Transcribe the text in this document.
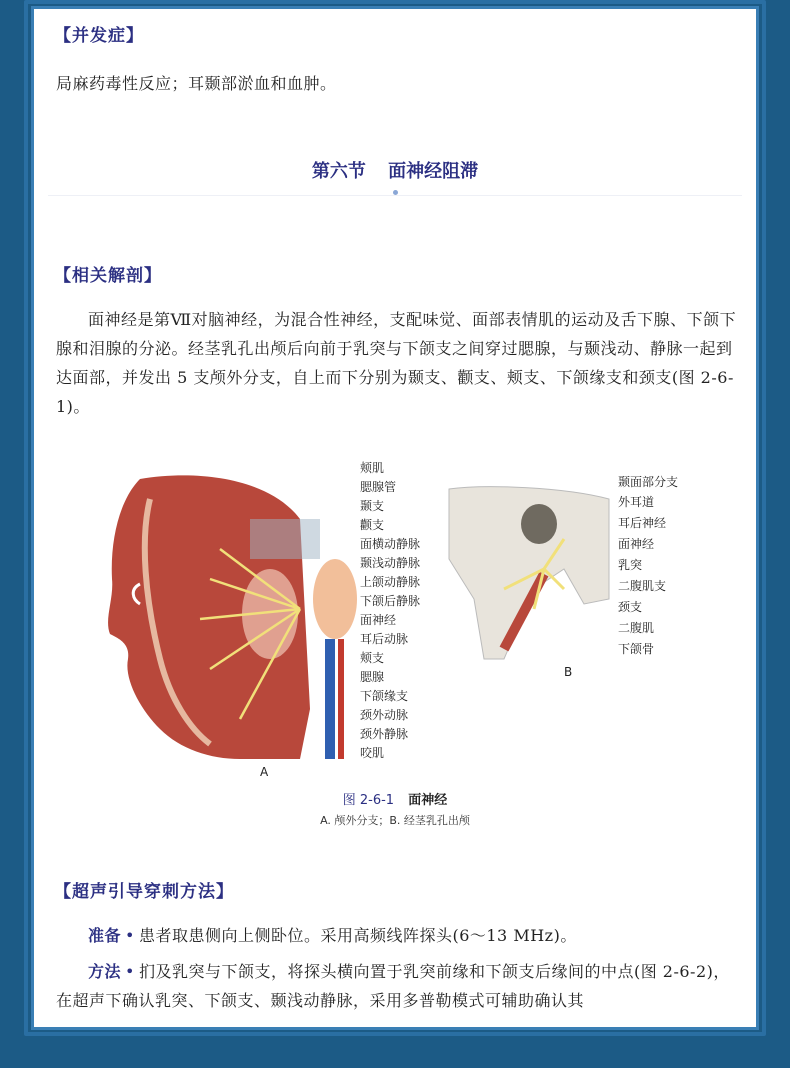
【并发症】
局麻药毒性反应；耳颞部淤血和血肿。
第六节 面神经阻滞
【相关解剖】
面神经是第Ⅶ对脑神经，为混合性神经，支配味觉、面部表情肌的运动及舌下腺、下颌下腺和泪腺的分泌。经茎乳孔出颅后向前于乳突与下颌支之间穿过腮腺，与颞浅动、静脉一起到达面部，并发出 5 支颅外分支，自上而下分别为颞支、颧支、颊支、下颌缘支和颈支(图 2-6-1)。
颊肌
腮腺管
颞支
颧支
面横动静脉
颞浅动静脉
上颌动静脉
下颌后静脉
面神经
耳后动脉
颊支
腮腺
下颌缘支
颈外动脉
颈外静脉
咬肌
A
颞面部分支
外耳道
耳后神经
面神经
乳突
二腹肌支
颈支
二腹肌
下颌骨
B
图 2-6-1 面神经
A. 颅外分支；B. 经茎乳孔出颅
【超声引导穿刺方法】
准备 • 患者取患侧向上侧卧位。采用高频线阵探头(6～13 MHz)。
方法 • 扪及乳突与下颌支，将探头横向置于乳突前缘和下颌支后缘间的中点(图 2-6-2)，在超声下确认乳突、下颌支、颞浅动静脉，采用多普勒模式可辅助确认其
